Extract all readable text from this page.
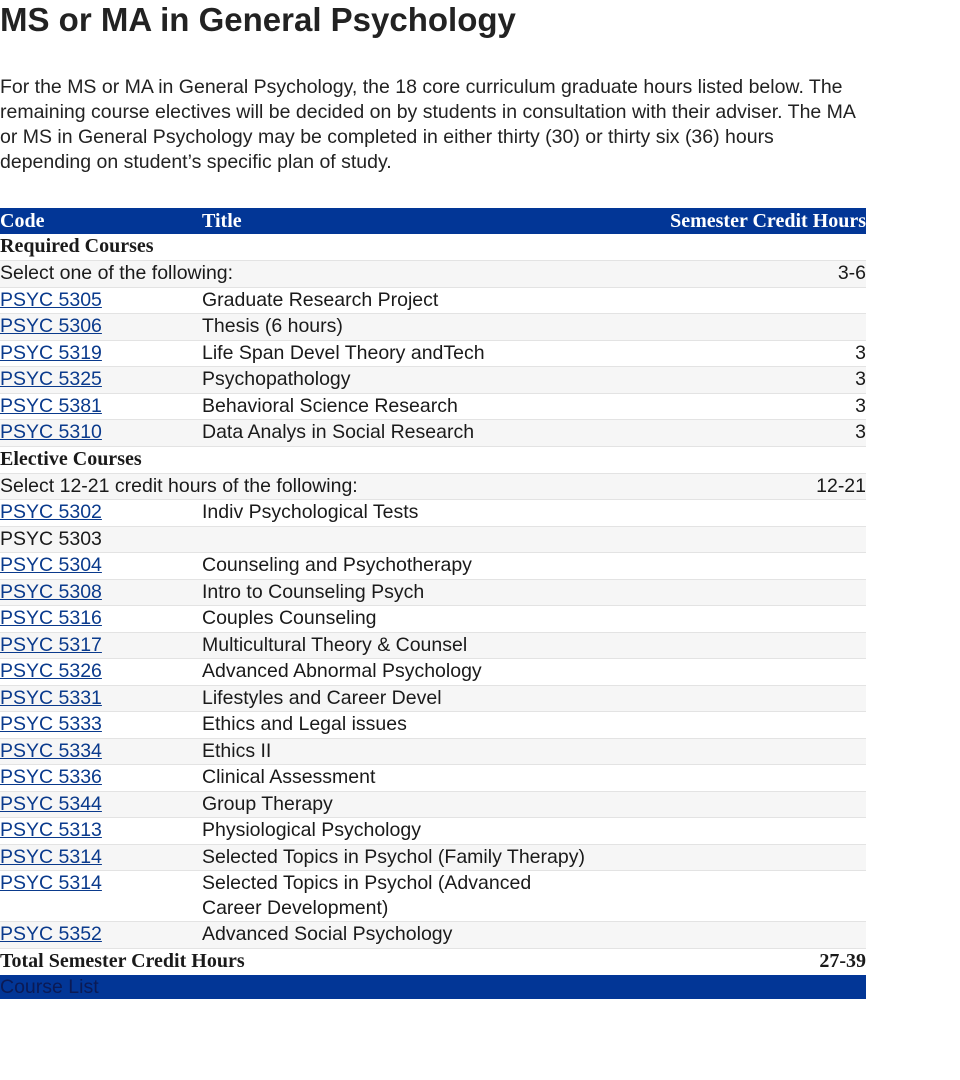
MS or MA in General Psychology

For the MS or MA in General Psychology, the 18 core curriculum graduate hours listed below. The remaining course electives will be decided on by students in consultation with their adviser. The MA or MS in General Psychology may be completed in either thirty (30) or thirty six (36) hours depending on student’s specific plan of study.

Code	Title	Semester Credit Hours
Required Courses		
Select one of the following:		3-6
PSYC 5305	Graduate Research Project	
PSYC 5306	Thesis (6 hours)	
PSYC 5319	Life Span Devel Theory andTech	3
PSYC 5325	Psychopathology	3
PSYC 5381	Behavioral Science Research	3
PSYC 5310	Data Analys in Social Research	3
Elective Courses		
Select 12-21 credit hours of the following:		12-21
PSYC 5302	Indiv Psychological Tests	
PSYC 5303		
PSYC 5304	Counseling and Psychotherapy	
PSYC 5308	Intro to Counseling Psych	
PSYC 5316	Couples Counseling	
PSYC 5317	Multicultural Theory & Counsel	
PSYC 5326	Advanced Abnormal Psychology	
PSYC 5331	Lifestyles and Career Devel	
PSYC 5333	Ethics and Legal issues	
PSYC 5334	Ethics II	
PSYC 5336	Clinical Assessment	
PSYC 5344	Group Therapy	
PSYC 5313	Physiological Psychology	
PSYC 5314	Selected Topics in Psychol (Family Therapy)	
PSYC 5314	Selected Topics in Psychol (Advanced Career Development)	
PSYC 5352	Advanced Social Psychology	
Total Semester Credit Hours		27-39
Course List
